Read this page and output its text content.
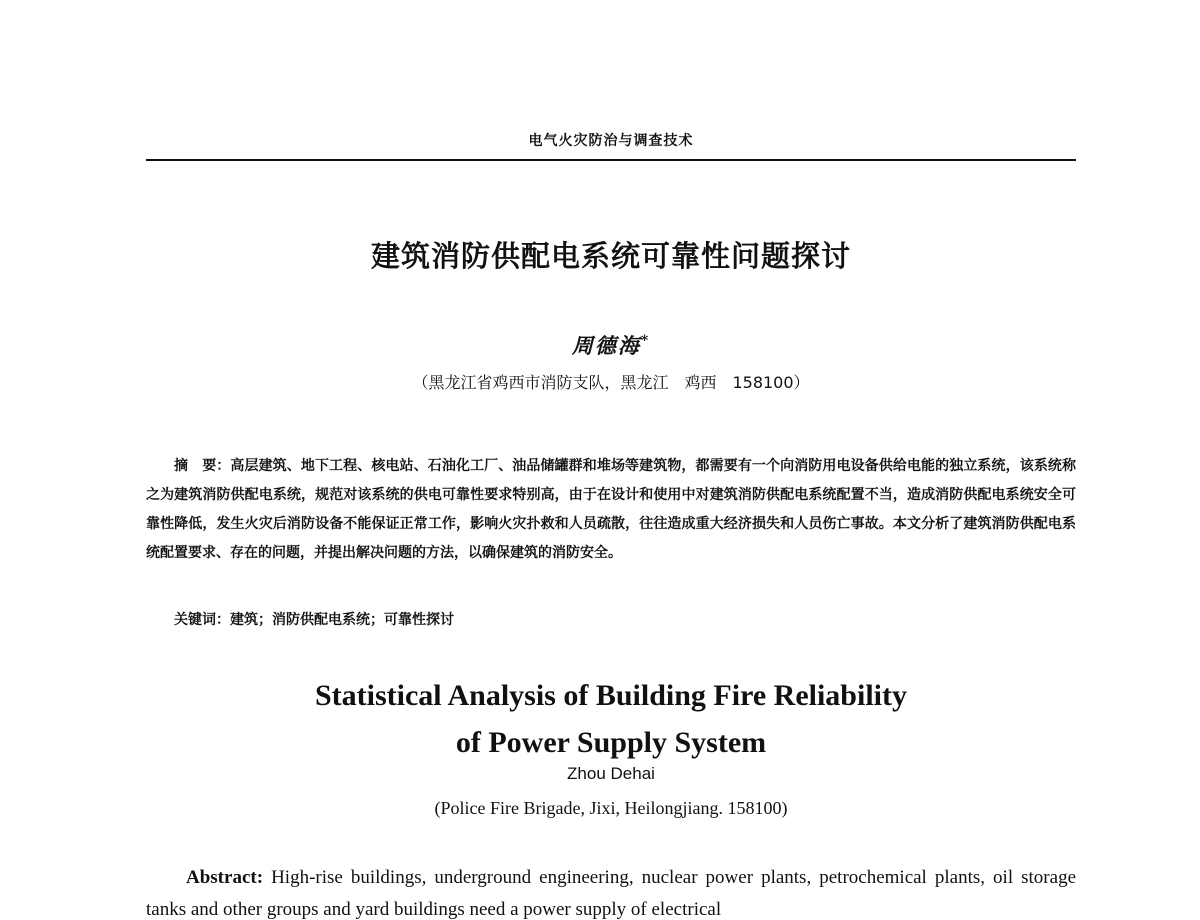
电气火灾防治与调查技术
建筑消防供配电系统可靠性问题探讨
周德海*
（黑龙江省鸡西市消防支队，黑龙江　鸡西　158100）

摘　要：高层建筑、地下工程、核电站、石油化工厂、油品储罐群和堆场等建筑物，都需要有一个向消防用电设备供给电能的独立系统，该系统称之为建筑消防供配电系统，规范对该系统的供电可靠性要求特别高，由于在设计和使用中对建筑消防供配电系统配置不当，造成消防供配电系统安全可靠性降低，发生火灾后消防设备不能保证正常工作，影响火灾扑救和人员疏散，往往造成重大经济损失和人员伤亡事故。本文分析了建筑消防供配电系统配置要求、存在的问题，并提出解决问题的方法，以确保建筑的消防安全。

关键词：建筑；消防供配电系统；可靠性探讨

Statistical Analysis of Building Fire Reliability
of Power Supply System
Zhou Dehai
(Police Fire Brigade, Jixi, Heilongjiang. 158100)

Abstract: High-rise buildings, underground engineering, nuclear power plants, petrochemical plants, oil storage tanks and other groups and yard buildings need a power supply of electrical
